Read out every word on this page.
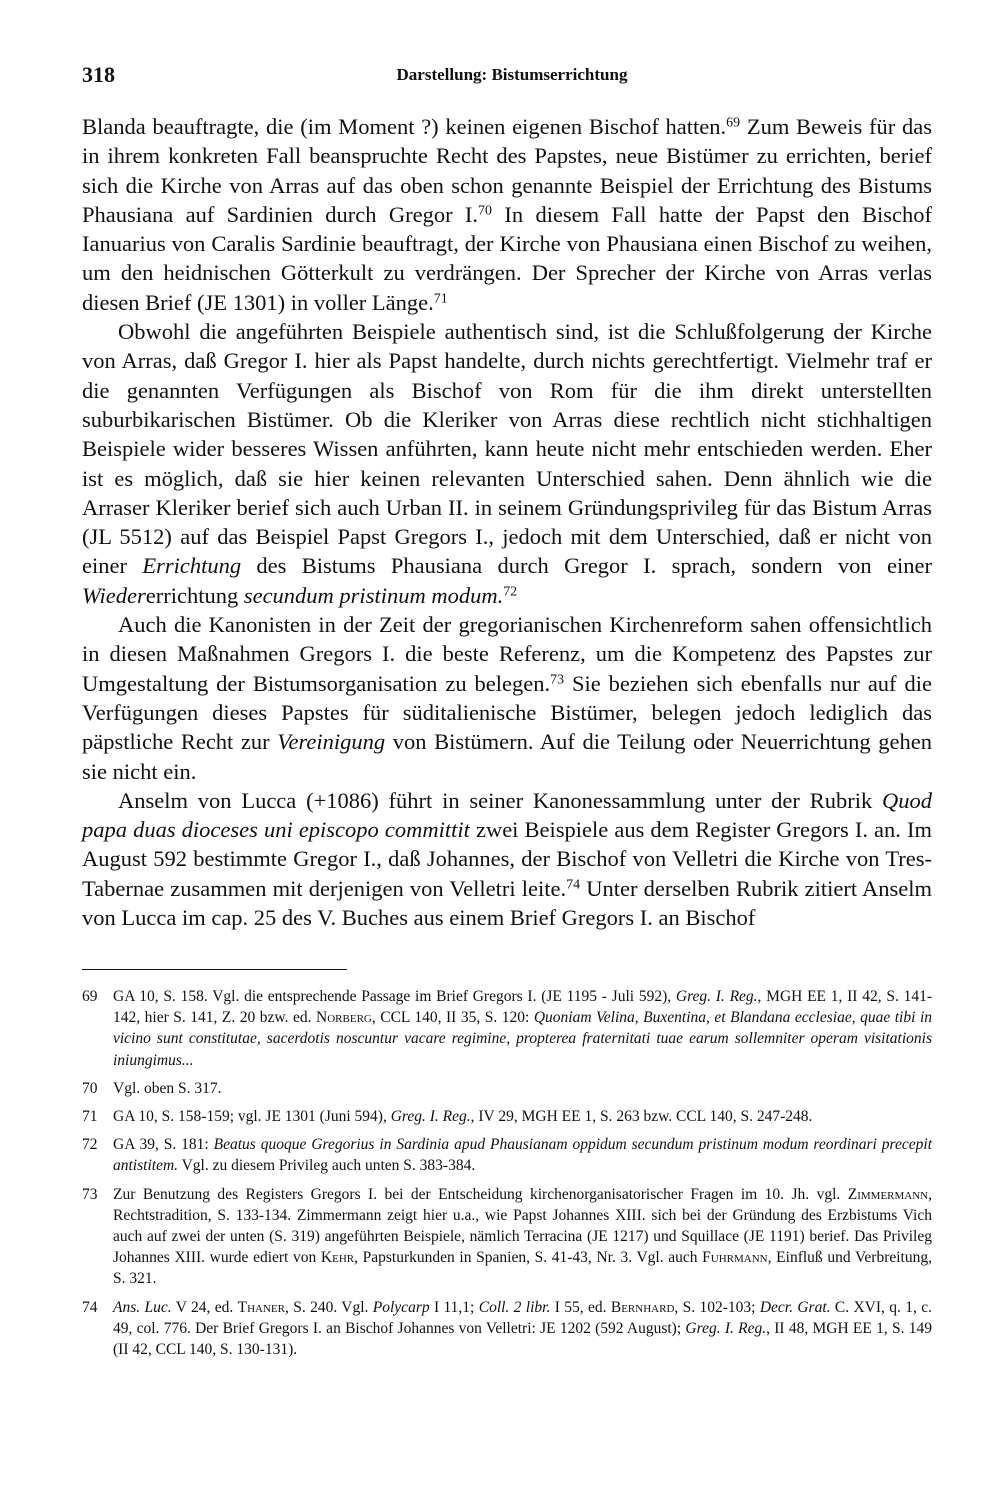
318	Darstellung: Bistumserrichtung

Blanda beauftragte, die (im Moment ?) keinen eigenen Bischof hatten.$^{69}$ Zum Beweis für das in ihrem konkreten Fall beanspruchte Recht des Papstes, neue Bistümer zu errichten, berief sich die Kirche von Arras auf das oben schon genannte Beispiel der Errichtung des Bistums Phausiana auf Sardinien durch Gregor I.$^{70}$ In diesem Fall hatte der Papst den Bischof Ianuarius von Caralis Sardinie beauftragt, der Kirche von Phausiana einen Bischof zu weihen, um den heidnischen Götterkult zu verdrängen. Der Sprecher der Kirche von Arras verlas diesen Brief (JE 1301) in voller Länge.$^{71}$

Obwohl die angeführten Beispiele authentisch sind, ist die Schlußfolgerung der Kirche von Arras, daß Gregor I. hier als Papst handelte, durch nichts gerechtfertigt. Vielmehr traf er die genannten Verfügungen als Bischof von Rom für die ihm direkt unterstellten suburbikarischen Bistümer. Ob die Kleriker von Arras diese rechtlich nicht stichhaltigen Beispiele wider besseres Wissen anführten, kann heute nicht mehr entschieden werden. Eher ist es möglich, daß sie hier keinen relevanten Unterschied sahen. Denn ähnlich wie die Arraser Kleriker berief sich auch Urban II. in seinem Gründungsprivileg für das Bistum Arras (JL 5512) auf das Beispiel Papst Gregors I., jedoch mit dem Unterschied, daß er nicht von einer Errichtung des Bistums Phausiana durch Gregor I. sprach, sondern von einer Wiedererrichtung secundum pristinum modum.$^{72}$

Auch die Kanonisten in der Zeit der gregorianischen Kirchenreform sahen offensichtlich in diesen Maßnahmen Gregors I. die beste Referenz, um die Kompetenz des Papstes zur Umgestaltung der Bistumsorganisation zu belegen.$^{73}$ Sie beziehen sich ebenfalls nur auf die Verfügungen dieses Papstes für süditalienische Bistümer, belegen jedoch lediglich das päpstliche Recht zur Vereinigung von Bistümern. Auf die Teilung oder Neuerrichtung gehen sie nicht ein.

Anselm von Lucca (+1086) führt in seiner Kanonessammlung unter der Rubrik Quod papa duas dioceses uni episcopo committit zwei Beispiele aus dem Register Gregors I. an. Im August 592 bestimmte Gregor I., daß Johannes, der Bischof von Velletri die Kirche von Tres-Tabernae zusammen mit derjenigen von Velletri leite.$^{74}$ Unter derselben Rubrik zitiert Anselm von Lucca im cap. 25 des V. Buches aus einem Brief Gregors I. an Bischof

69 GA 10, S. 158. Vgl. die entsprechende Passage im Brief Gregors I. (JE 1195 - Juli 592), Greg. I. Reg., MGH EE 1, II 42, S. 141-142, hier S. 141, Z. 20 bzw. ed. Norberg, CCL 140, II 35, S. 120: Quoniam Velina, Buxentina, et Blandana ecclesiae, quae tibi in vicino sunt constitutae, sacerdotis noscuntur vacare regimine, propterea fraternitati tuae earum sollemniter operam visitationis iniungimus...
70 Vgl. oben S. 317.
71 GA 10, S. 158-159; vgl. JE 1301 (Juni 594), Greg. I. Reg., IV 29, MGH EE 1, S. 263 bzw. CCL 140, S. 247-248.
72 GA 39, S. 181: Beatus quoque Gregorius in Sardinia apud Phausianam oppidum secundum pristinum modum reordinari precepit antistitem. Vgl. zu diesem Privileg auch unten S. 383-384.
73 Zur Benutzung des Registers Gregors I. bei der Entscheidung kirchenorganisatorischer Fragen im 10. Jh. vgl. Zimmermann, Rechtstradition, S. 133-134. Zimmermann zeigt hier u.a., wie Papst Johannes XIII. sich bei der Gründung des Erzbistums Vich auch auf zwei der unten (S. 319) angeführten Beispiele, nämlich Terracina (JE 1217) und Squillace (JE 1191) berief. Das Privileg Johannes XIII. wurde ediert von Kehr, Papsturkunden in Spanien, S. 41-43, Nr. 3. Vgl. auch Fuhrmann, Einfluß und Verbreitung, S. 321.
74 Ans. Luc. V 24, ed. Thaner, S. 240. Vgl. Polycarp I 11,1; Coll. 2 libr. I 55, ed. Bernhard, S. 102-103; Decr. Grat. C. XVI, q. 1, c. 49, col. 776. Der Brief Gregors I. an Bischof Johannes von Velletri: JE 1202 (592 August); Greg. I. Reg., II 48, MGH EE 1, S. 149 (II 42, CCL 140, S. 130-131).
